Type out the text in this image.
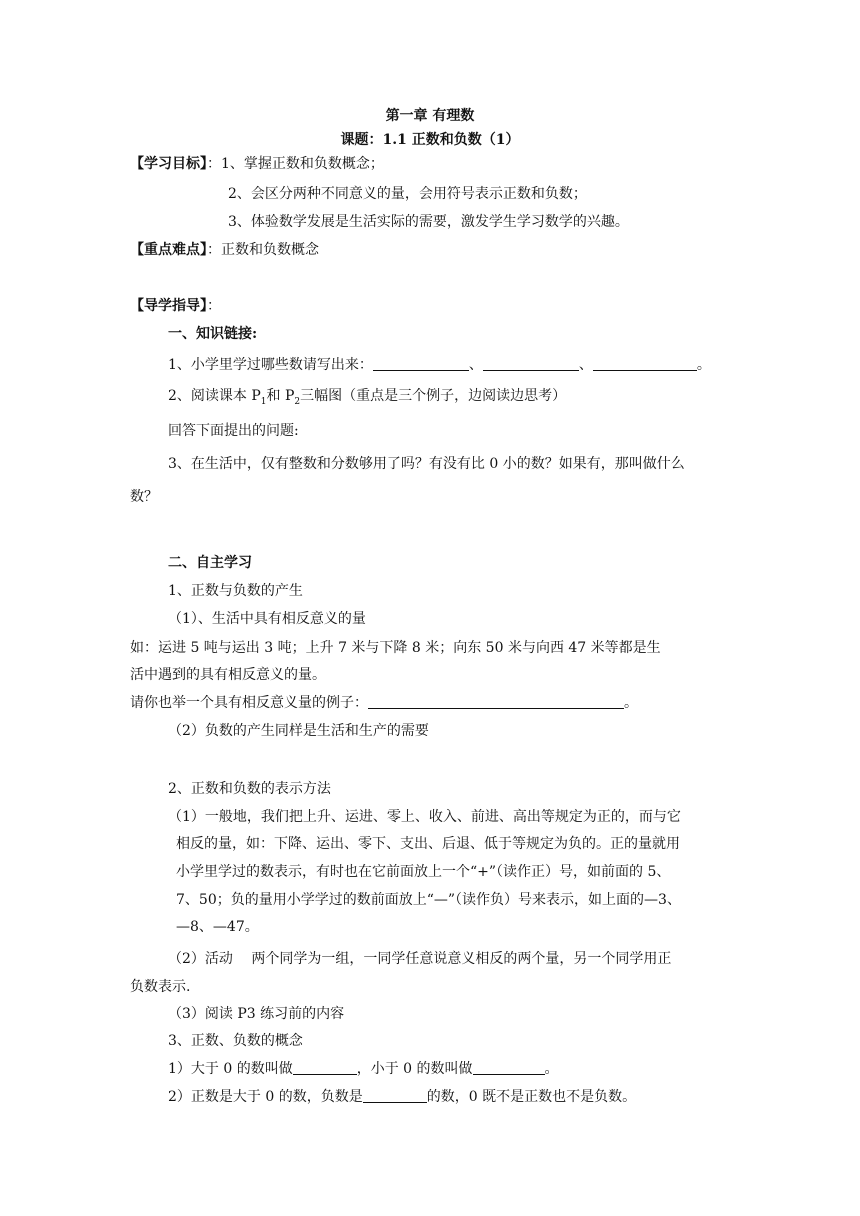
第一章 有理数
课题：1.1 正数和负数（1）
【学习目标】：1、掌握正数和负数概念；
2、会区分两种不同意义的量，会用符号表示正数和负数；
3、体验数学发展是生活实际的需要，激发学生学习数学的兴趣。
【重点难点】：正数和负数概念
【导学指导】：
一、知识链接:
1、小学里学过哪些数请写出来：	、	、	。
2、阅读课本 $P_1$和 $P_2$三幅图（重点是三个例子，边阅读边思考）
回答下面提出的问题:
3、在生活中，仅有整数和分数够用了吗？有没有比 0 小的数？如果有，那叫做什么
数？
二、自主学习
1、正数与负数的产生
（1）、生活中具有相反意义的量
如：运进 5 吨与运出 3 吨；上升 7 米与下降 8 米；向东 50 米与向西 47 米等都是生
活中遇到的具有相反意义的量。
请你也举一个具有相反意义量的例子：	。
（2）负数的产生同样是生活和生产的需要
2、正数和负数的表示方法
（1）一般地，我们把上升、运进、零上、收入、前进、高出等规定为正的，而与它
相反的量，如：下降、运出、零下、支出、后退、低于等规定为负的。正的量就用
小学里学过的数表示，有时也在它前面放上一个“+”（读作正）号，如前面的 5、
7、50；负的量用小学学过的数前面放上“—”（读作负）号来表示，如上面的—3、
—8、—47。
（2）活动　 两个同学为一组，一同学任意说意义相反的两个量，另一个同学用正
负数表示.
（3）阅读 P3 练习前的内容
3、正数、负数的概念
1）大于 0 的数叫做	，小于 0 的数叫做	。
2）正数是大于 0 的数，负数是	的数，0 既不是正数也不是负数。
